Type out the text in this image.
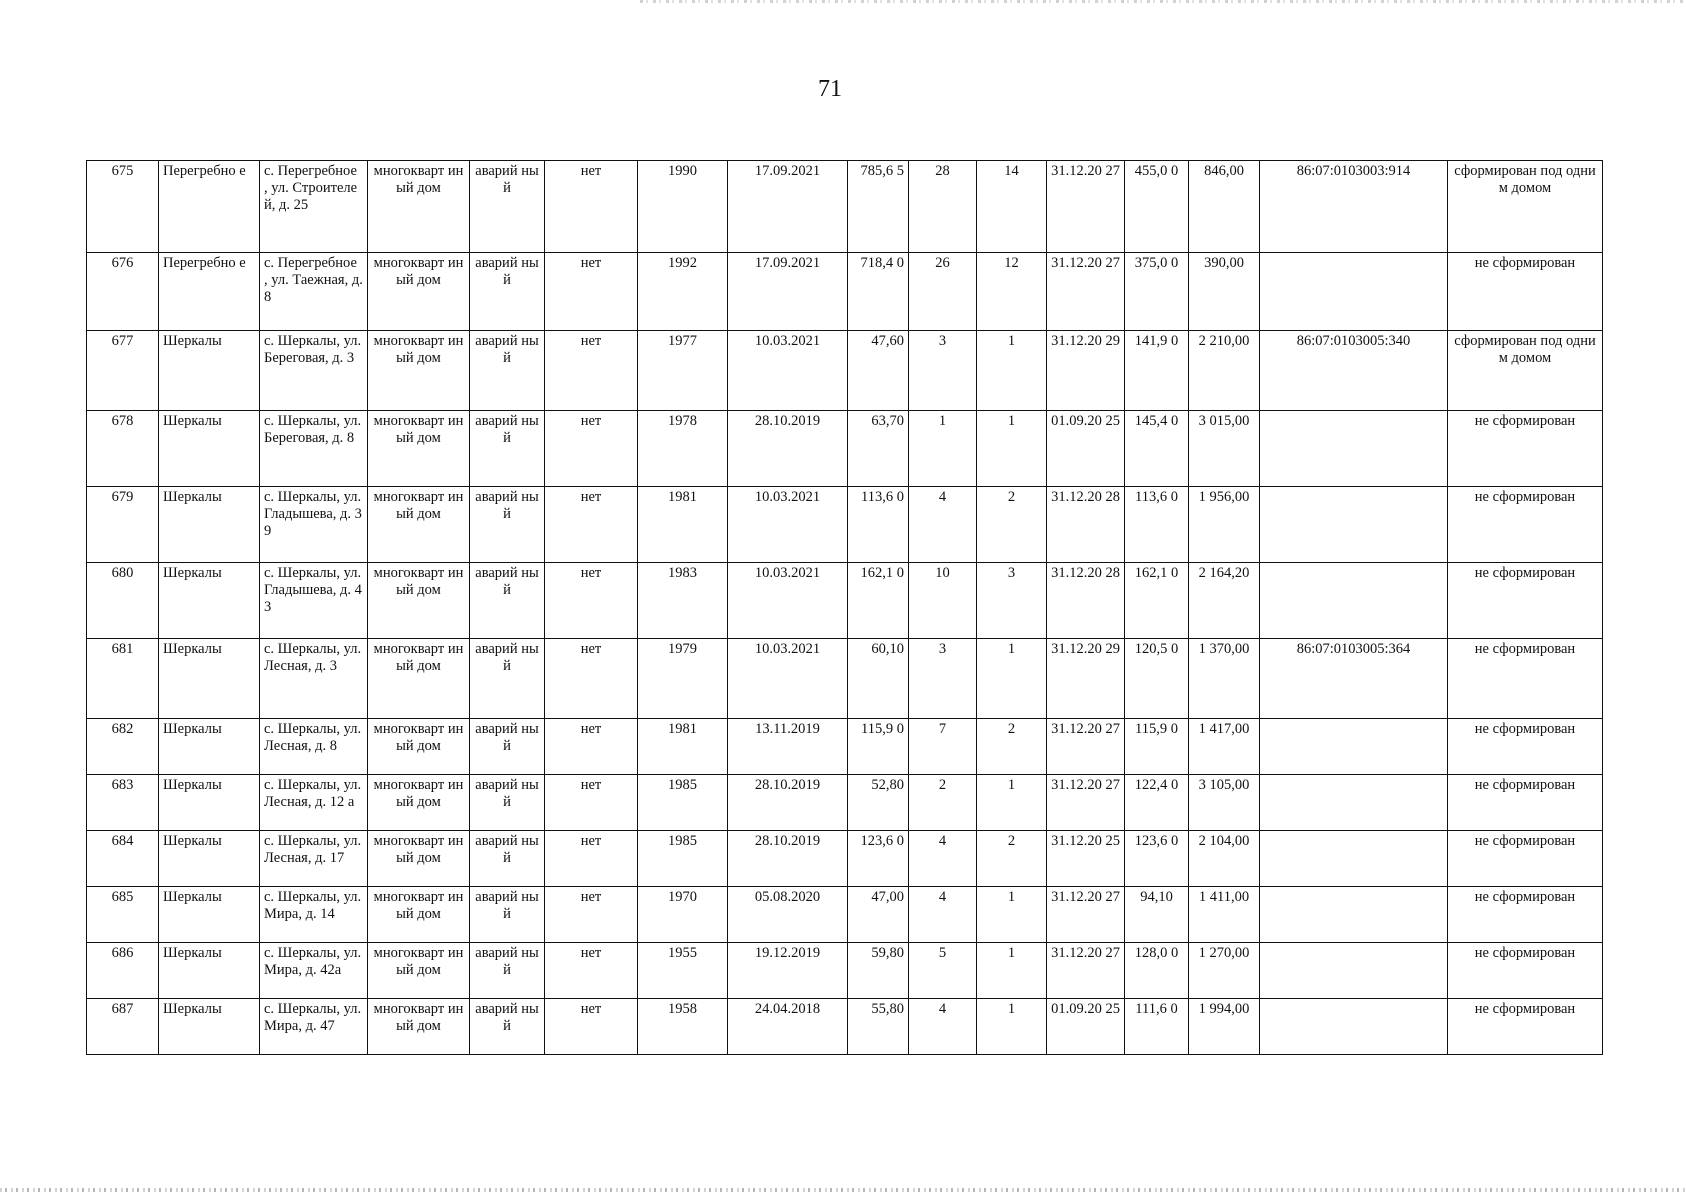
71
675	Перегребно е	с. Перегребное , ул. Строителей, д. 25	многокварт иный дом	аварий ный	нет	1990	17.09.2021	785,6 5	28	14	31.12.20 27	455,0 0	846,00	86:07:0103003:914	сформирован под одним домом
676	Перегребно е	с. Перегребное , ул. Таежная, д. 8	многокварт иный дом	аварий ный	нет	1992	17.09.2021	718,4 0	26	12	31.12.20 27	375,0 0	390,00		не сформирован
677	Шеркалы	с. Шеркалы, ул. Береговая, д. 3	многокварт иный дом	аварий ный	нет	1977	10.03.2021	47,60	3	1	31.12.20 29	141,9 0	2 210,00	86:07:0103005:340	сформирован под одним домом
678	Шеркалы	с. Шеркалы, ул. Береговая, д. 8	многокварт иный дом	аварий ный	нет	1978	28.10.2019	63,70	1	1	01.09.20 25	145,4 0	3 015,00		не сформирован
679	Шеркалы	с. Шеркалы, ул. Гладышева, д. 39	многокварт иный дом	аварий ный	нет	1981	10.03.2021	113,6 0	4	2	31.12.20 28	113,6 0	1 956,00		не сформирован
680	Шеркалы	с. Шеркалы, ул. Гладышева, д. 43	многокварт иный дом	аварий ный	нет	1983	10.03.2021	162,1 0	10	3	31.12.20 28	162,1 0	2 164,20		не сформирован
681	Шеркалы	с. Шеркалы, ул. Лесная, д. 3	многокварт иный дом	аварий ный	нет	1979	10.03.2021	60,10	3	1	31.12.20 29	120,5 0	1 370,00	86:07:0103005:364	не сформирован
682	Шеркалы	с. Шеркалы, ул. Лесная, д. 8	многокварт иный дом	аварий ный	нет	1981	13.11.2019	115,9 0	7	2	31.12.20 27	115,9 0	1 417,00		не сформирован
683	Шеркалы	с. Шеркалы, ул. Лесная, д. 12 а	многокварт иный дом	аварий ный	нет	1985	28.10.2019	52,80	2	1	31.12.20 27	122,4 0	3 105,00		не сформирован
684	Шеркалы	с. Шеркалы, ул. Лесная, д. 17	многокварт иный дом	аварий ный	нет	1985	28.10.2019	123,6 0	4	2	31.12.20 25	123,6 0	2 104,00		не сформирован
685	Шеркалы	с. Шеркалы, ул. Мира, д. 14	многокварт иный дом	аварий ный	нет	1970	05.08.2020	47,00	4	1	31.12.20 27	94,10	1 411,00		не сформирован
686	Шеркалы	с. Шеркалы, ул. Мира, д. 42а	многокварт иный дом	аварий ный	нет	1955	19.12.2019	59,80	5	1	31.12.20 27	128,0 0	1 270,00		не сформирован
687	Шеркалы	с. Шеркалы, ул. Мира, д. 47	многокварт иный дом	аварий ный	нет	1958	24.04.2018	55,80	4	1	01.09.20 25	111,6 0	1 994,00		не сформирован
